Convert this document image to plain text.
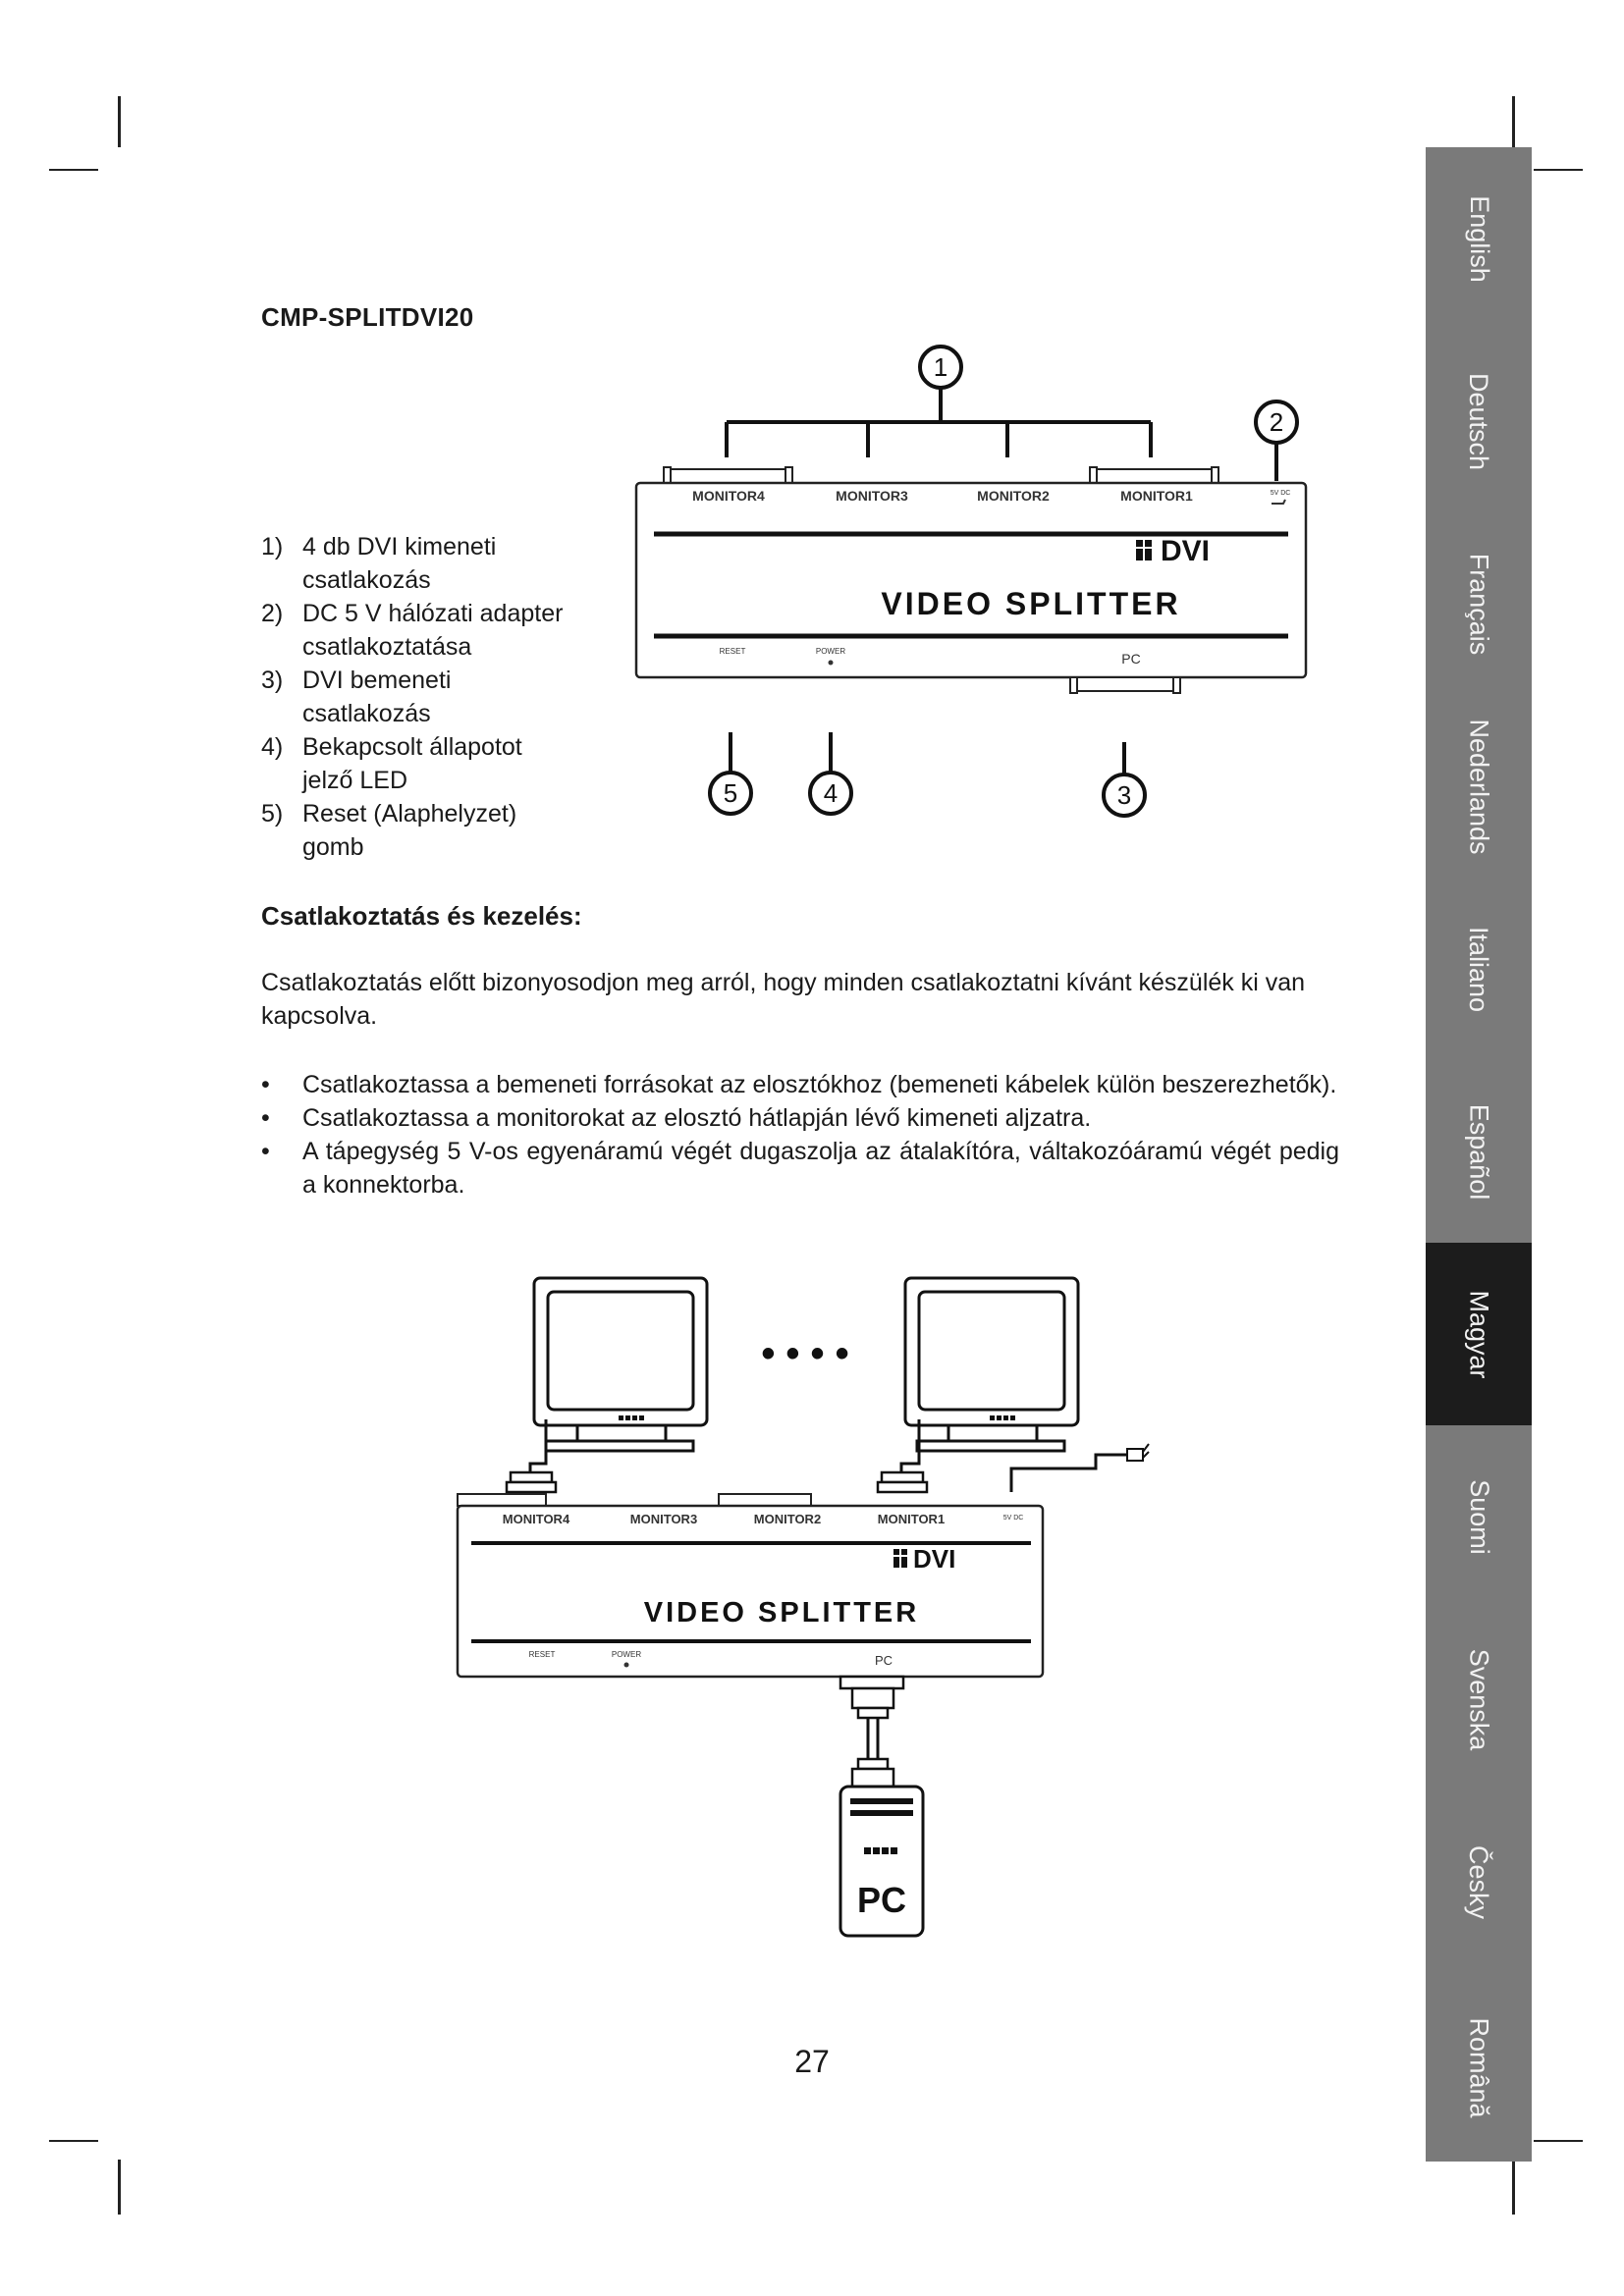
CMP-SPLITDVI20
1) 4 db DVI kimeneti
csatlakozás
2) DC 5 V hálózati adapter
csatlakoztatása
3) DVI bemeneti
csatlakozás
4) Bekapcsolt állapotot
jelző LED
5) Reset (Alaphelyzet)
gomb
1
2
3
4
5
MONITOR4	MONITOR3	MONITOR2	MONITOR1	5V DC
DVI
VIDEO SPLITTER
RESET	POWER	PC
Csatlakoztatás és kezelés:

Csatlakoztatás előtt bizonyosodjon meg arról, hogy minden csatlakoztatni kívánt készülék ki van kapcsolva.

• Csatlakoztassa a bemeneti forrásokat az elosztókhoz (bemeneti kábelek külön beszerezhetők).
• Csatlakoztassa a monitorokat az elosztó hátlapján lévő kimeneti aljzatra.
• A tápegység 5 V-os egyenáramú végét dugaszolja az átalakítóra, váltakozóáramú végét pedig a konnektorba.
• • • •
MONITOR4	MONITOR3	MONITOR2	MONITOR1	5V DC
DVI
VIDEO SPLITTER
RESET	POWER	PC
PC
27
English
Deutsch
Français
Nederlands
Italiano
Español
Magyar
Suomi
Svenska
Česky
Română
